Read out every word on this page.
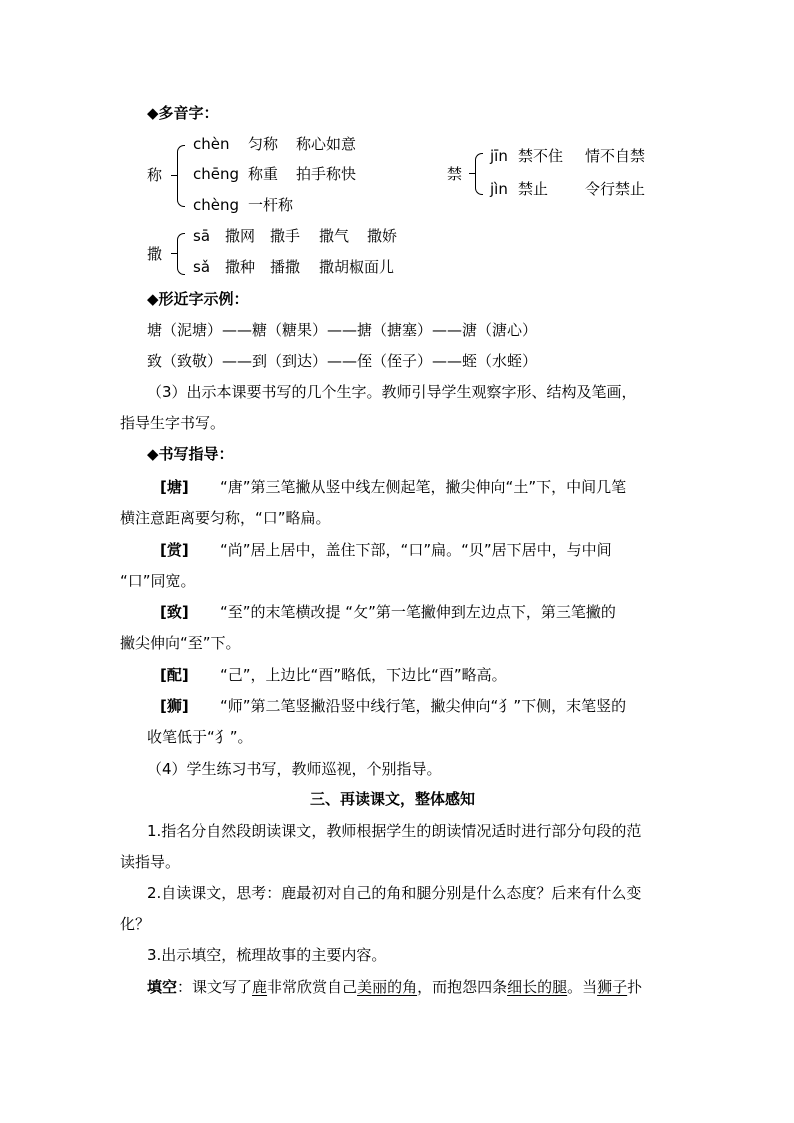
◆多音字：
称
chèn 匀称 称心如意
chēng 称重 拍手称快
chèng 一杆称
禁
jīn 禁不住 情不自禁
jìn 禁止 令行禁止
撒
sā 撒网 撒手 撒气 撒娇
sǎ 撒种 播撒 撒胡椒面儿
◆形近字示例：
塘（泥塘）——糖（糖果）——搪（搪塞）——溏（溏心）
致（致敬）——到（到达）——侄（侄子）——蛭（水蛭）
（3）出示本课要书写的几个生字。教师引导学生观察字形、结构及笔画，
指导生字书写。
◆书写指导：
[塘] “唐”第三笔撇从竖中线左侧起笔，撇尖伸向“土”下，中间几笔
横注意距离要匀称，“口”略扁。
[赏] “尚”居上居中，盖住下部，“口”扁。“贝”居下居中，与中间
“口”同宽。
[致] “至”的末笔横改提 “攵”第一笔撇伸到左边点下，第三笔撇的
撇尖伸向“至”下。
[配] “己”，上边比“酉”略低，下边比“酉”略高。
[狮] “师”第二笔竖撇沿竖中线行笔，撇尖伸向“犭”下侧，末笔竖的
收笔低于“犭”。
（4）学生练习书写，教师巡视，个别指导。
三、再读课文，整体感知
1.指名分自然段朗读课文，教师根据学生的朗读情况适时进行部分句段的范
读指导。
2.自读课文，思考：鹿最初对自己的角和腿分别是什么态度？后来有什么变
化？
3.出示填空，梳理故事的主要内容。
填空：课文写了鹿非常欣赏自己美丽的角，而抱怨四条细长的腿。当狮子扑
